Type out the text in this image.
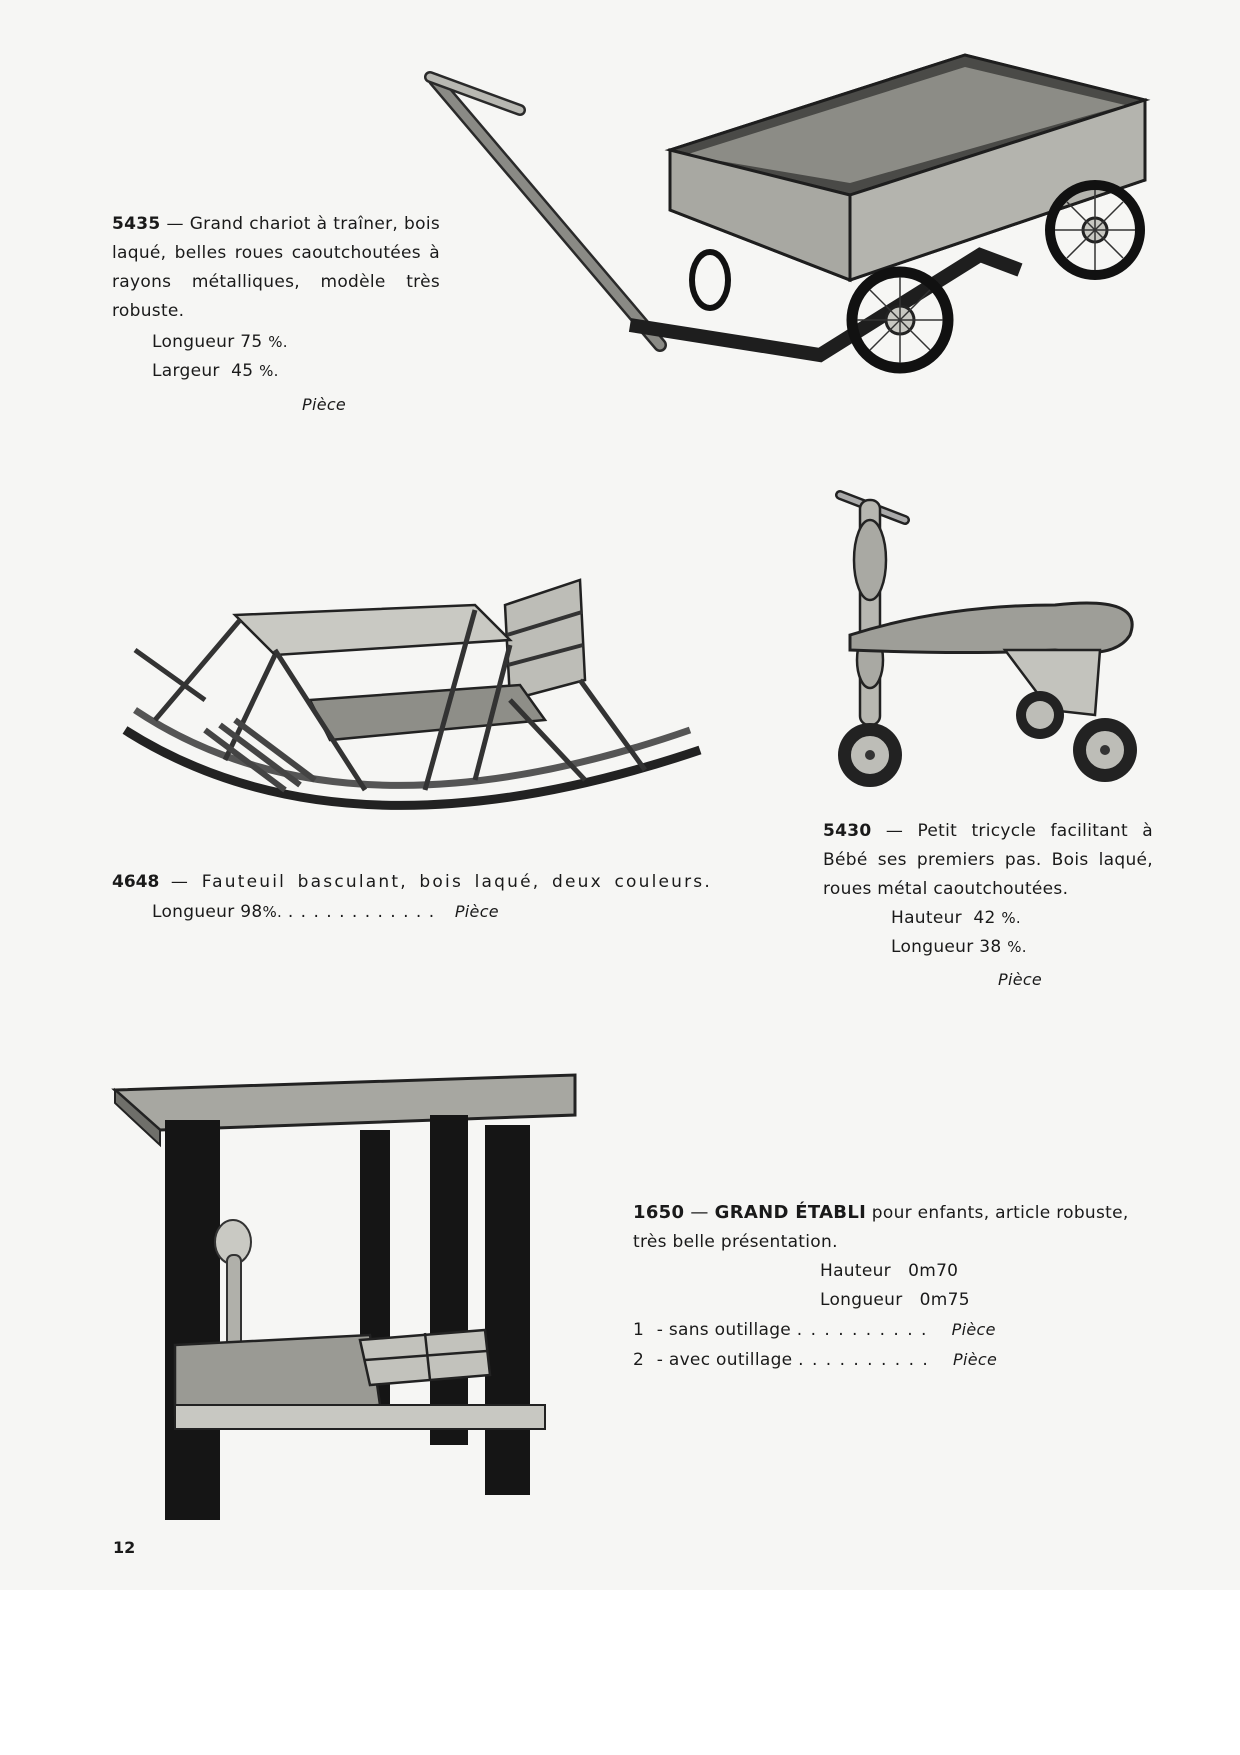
5435 — Grand chariot à traîner, bois
laqué, belles roues caoutchoutées à
rayons métalliques, modèle très
robuste.
Longueur 75 %.
Largeur 45 %.
Pièce
4648 — Fauteuil basculant, bois laqué, deux couleurs.
Longueur 98%. . . . . . . . . . . . . Pièce
5430 — Petit tricycle facilitant à
Bébé ses premiers pas. Bois laqué,
roues métal caoutchoutées.
Hauteur 42 %.
Longueur 38 %.
Pièce
1650 — GRAND ÉTABLI pour enfants, article robuste,
très belle présentation.
Hauteur 0m70
Longueur 0m75
1 - sans outillage . . . . . . . . . . Pièce
2 - avec outillage . . . . . . . . . . Pièce
12
